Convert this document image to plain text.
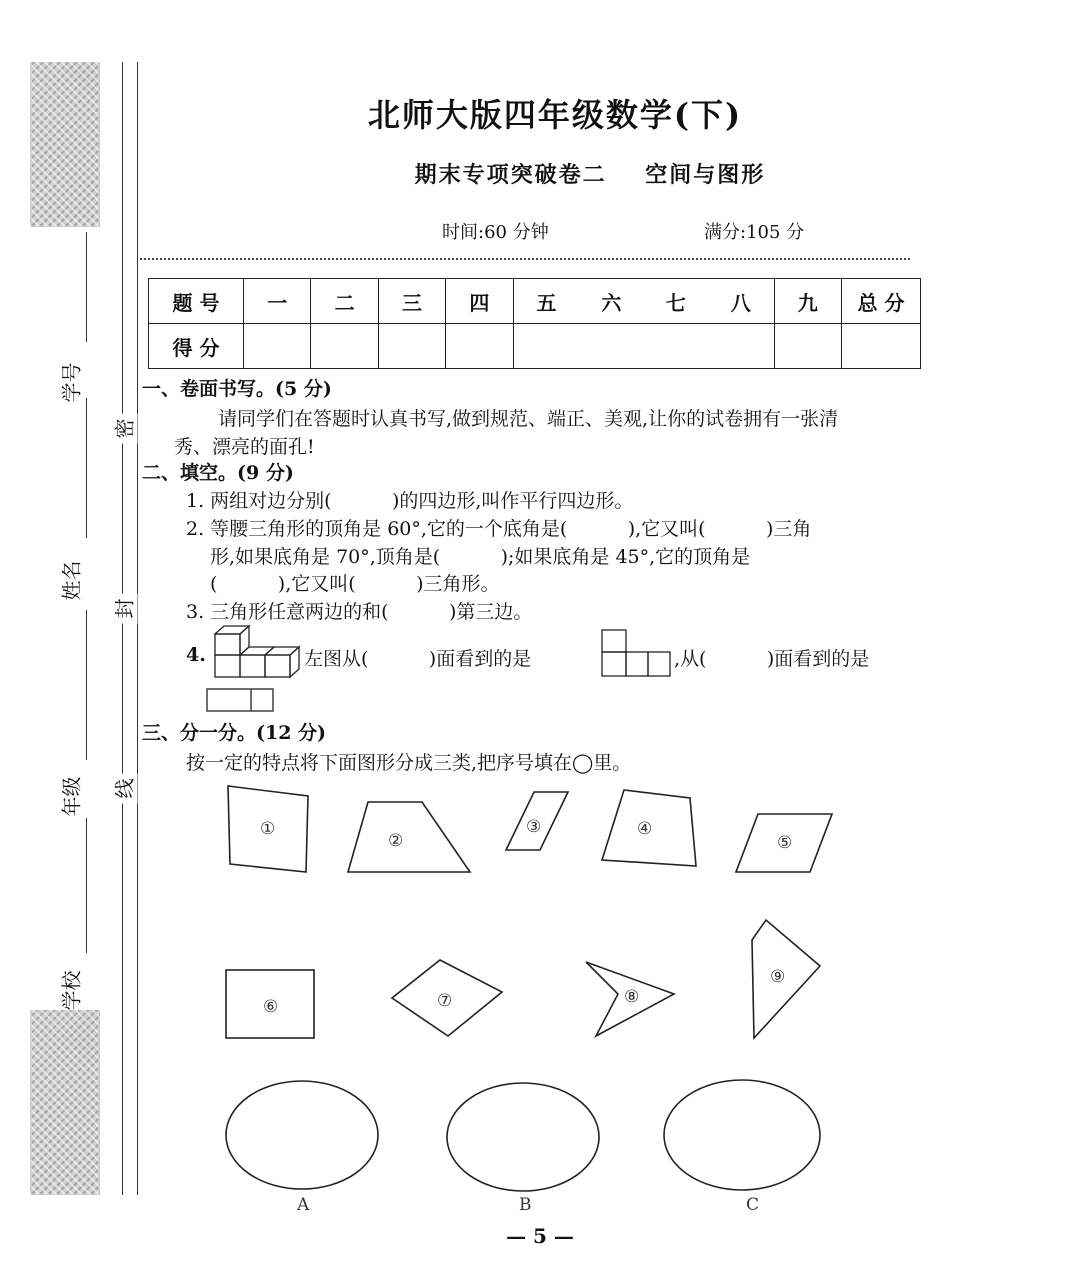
学号
姓名
年级
学校
密
封
线
北师大版四年级数学(下)
期末专项突破卷二    空间与图形
时间:60 分钟	满分:105 分
题 号	一	二	三	四	五	六	七	八	九	总 分
得 分										
一、卷面书写。(5 分)
请同学们在答题时认真书写,做到规范、端正、美观,让你的试卷拥有一张清
秀、漂亮的面孔!
二、填空。(9 分)
1. 两组对边分别(          )的四边形,叫作平行四边形。
2. 等腰三角形的顶角是 60°,它的一个底角是(          ),它又叫(          )三角
形,如果底角是 70°,顶角是(          );如果底角是 45°,它的顶角是
(          ),它又叫(          )三角形。
3. 三角形任意两边的和(          )第三边。
4.	左图从(          )面看到的是	,从(          )面看到的是
三、分一分。(12 分)
按一定的特点将下面图形分成三类,把序号填在◯里。
①
②
③	④
⑤
⑥	⑦	⑧
⑨
A	B	C
— 5 —
